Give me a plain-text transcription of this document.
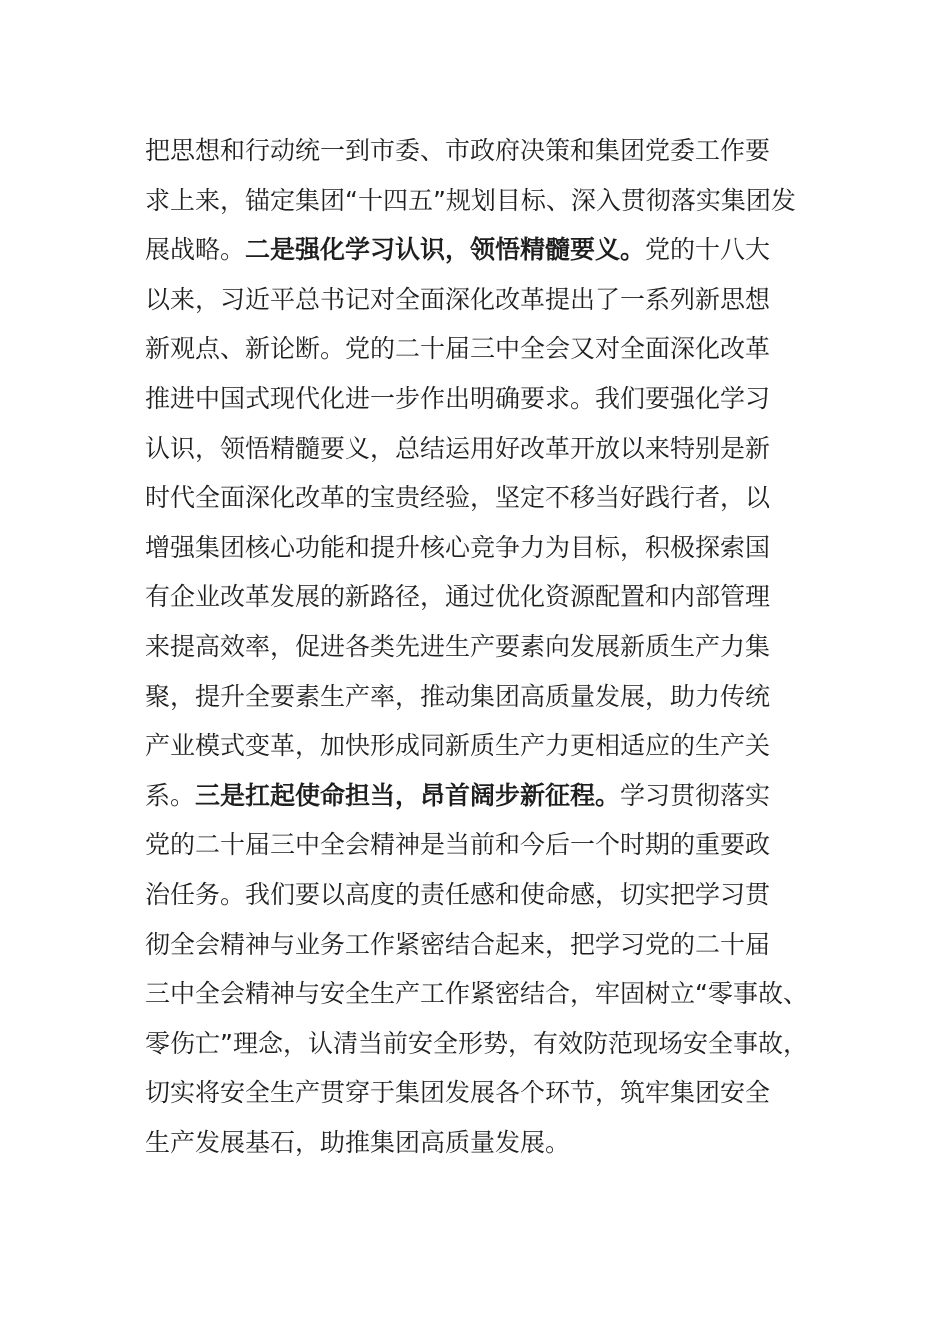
把思想和行动统一到市委、市政府决策和集团党委工作要
求上来，锚定集团“十四五”规划目标、深入贯彻落实集团发
展战略。二是强化学习认识，领悟精髓要义。党的十八大
以来，习近平总书记对全面深化改革提出了一系列新思想
新观点、新论断。党的二十届三中全会又对全面深化改革
推进中国式现代化进一步作出明确要求。我们要强化学习
认识，领悟精髓要义，总结运用好改革开放以来特别是新
时代全面深化改革的宝贵经验，坚定不移当好践行者，以
增强集团核心功能和提升核心竞争力为目标，积极探索国
有企业改革发展的新路径，通过优化资源配置和内部管理
来提高效率，促进各类先进生产要素向发展新质生产力集
聚，提升全要素生产率，推动集团高质量发展，助力传统
产业模式变革，加快形成同新质生产力更相适应的生产关
系。三是扛起使命担当，昂首阔步新征程。学习贯彻落实
党的二十届三中全会精神是当前和今后一个时期的重要政
治任务。我们要以高度的责任感和使命感，切实把学习贯
彻全会精神与业务工作紧密结合起来，把学习党的二十届
三中全会精神与安全生产工作紧密结合，牢固树立“零事故、
零伤亡”理念，认清当前安全形势，有效防范现场安全事故，
切实将安全生产贯穿于集团发展各个环节，筑牢集团安全
生产发展基石，助推集团高质量发展。
